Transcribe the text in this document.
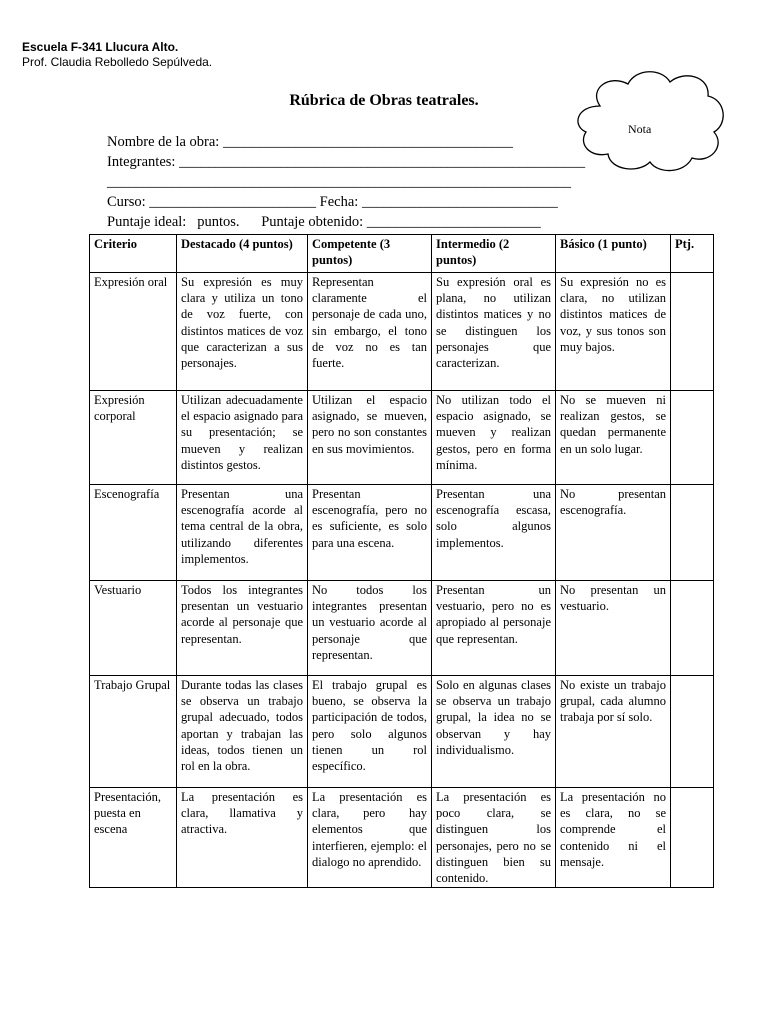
Escuela F-341 Llucura Alto.
Prof. Claudia Rebolledo Sepúlveda.
Nota
Rúbrica de Obras teatrales.
Nombre de la obra: ________________________________________
Integrantes: ________________________________________________________
________________________________________________________________
Curso: _______________________ Fecha: ___________________________
Puntaje ideal:   puntos.      Puntaje obtenido: ________________________
Criterio	Destacado (4 puntos)	Competente (3 puntos)	Intermedio (2 puntos)	Básico (1 punto)	Ptj.
Expresión oral	Su expresión es muy clara y utiliza un tono de voz fuerte, con distintos matices de voz que caracterizan a sus personajes.	Representan claramente el personaje de cada uno, sin embargo, el tono de voz no es tan fuerte.	Su expresión oral es plana, no utilizan distintos matices y no se distinguen los personajes que caracterizan.	Su expresión no es clara, no utilizan distintos matices de voz, y sus tonos son muy bajos.	
Expresión corporal	Utilizan adecuadamente el espacio asignado para su presentación; se mueven y realizan distintos gestos.	Utilizan el espacio asignado, se mueven, pero no son constantes en sus movimientos.	No utilizan todo el espacio asignado, se mueven y realizan gestos, pero en forma mínima.	No se mueven ni realizan gestos, se quedan permanente en un solo lugar.	
Escenografía	Presentan una escenografía acorde al tema central de la obra, utilizando diferentes implementos.	Presentan escenografía, pero no es suficiente, es solo para una escena.	Presentan una escenografía escasa, solo algunos implementos.	No presentan escenografía.	
Vestuario	Todos los integrantes presentan un vestuario acorde al personaje que representan.	No todos los integrantes presentan un vestuario acorde al personaje que representan.	Presentan un vestuario, pero no es apropiado al personaje que representan.	No presentan un vestuario.	
Trabajo Grupal	Durante todas las clases se observa un trabajo grupal adecuado, todos aportan y trabajan las ideas, todos tienen un rol en la obra.	El trabajo grupal es bueno, se observa la participación de todos, pero solo algunos tienen un rol específico.	Solo en algunas clases se observa un trabajo grupal, la idea no se observan y hay individualismo.	No existe un trabajo grupal, cada alumno trabaja por sí solo.	
Presentación, puesta en escena	La presentación es clara, llamativa y atractiva.	La presentación es clara, pero hay elementos que interfieren, ejemplo: el dialogo no aprendido.	La presentación es poco clara, se distinguen los personajes, pero no se distinguen bien su contenido.	La presentación no es clara, no se comprende el contenido ni el mensaje.	
